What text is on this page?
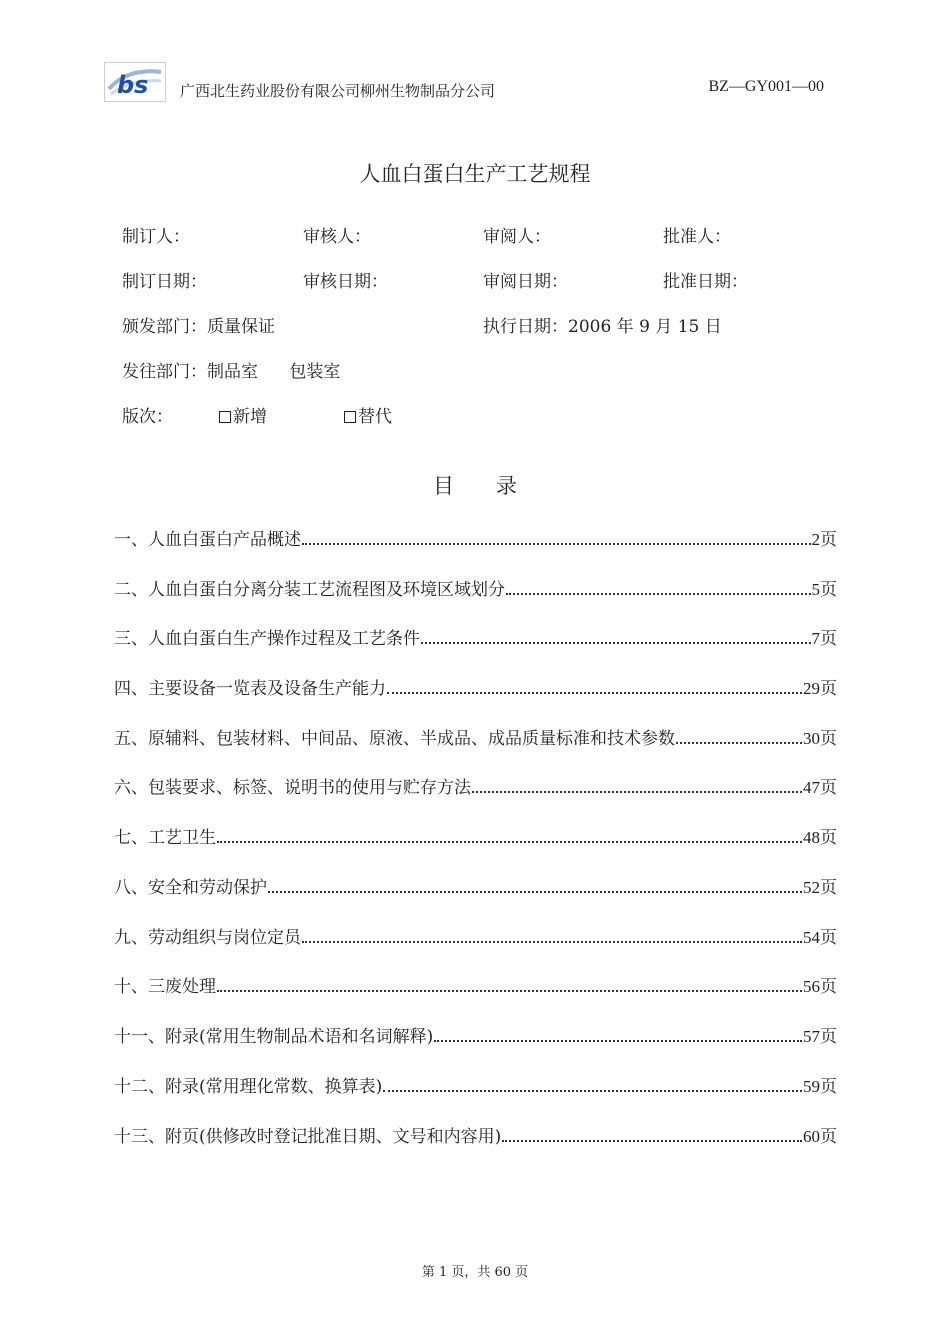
bs 广西北生药业股份有限公司柳州生物制品分公司	BZ—GY001—00
人血白蛋白生产工艺规程
制订人：	审核人：	审阅人：	批准人：
制订日期：	审核日期：	审阅日期：	批准日期：
颁发部门：质量保证	执行日期：2006 年 9 月 15 日
发往部门：制品室 包装室
版次：	新增	替代
目　　录
一、人血白蛋白产品概述	2页
二、人血白蛋白分离分装工艺流程图及环境区域划分	5页
三、人血白蛋白生产操作过程及工艺条件	7页
四、主要设备一览表及设备生产能力	29页
五、原辅料、包装材料、中间品、原液、半成品、成品质量标准和技术参数	30页
六、包装要求、标签、说明书的使用与贮存方法	47页
七、工艺卫生	48页
八、安全和劳动保护	52页
九、劳动组织与岗位定员	54页
十、三废处理	56页
十一、附录(常用生物制品术语和名词解释)	57页
十二、附录(常用理化常数、换算表)	59页
十三、附页(供修改时登记批准日期、文号和内容用)	60页
第 1 页，共 60 页
